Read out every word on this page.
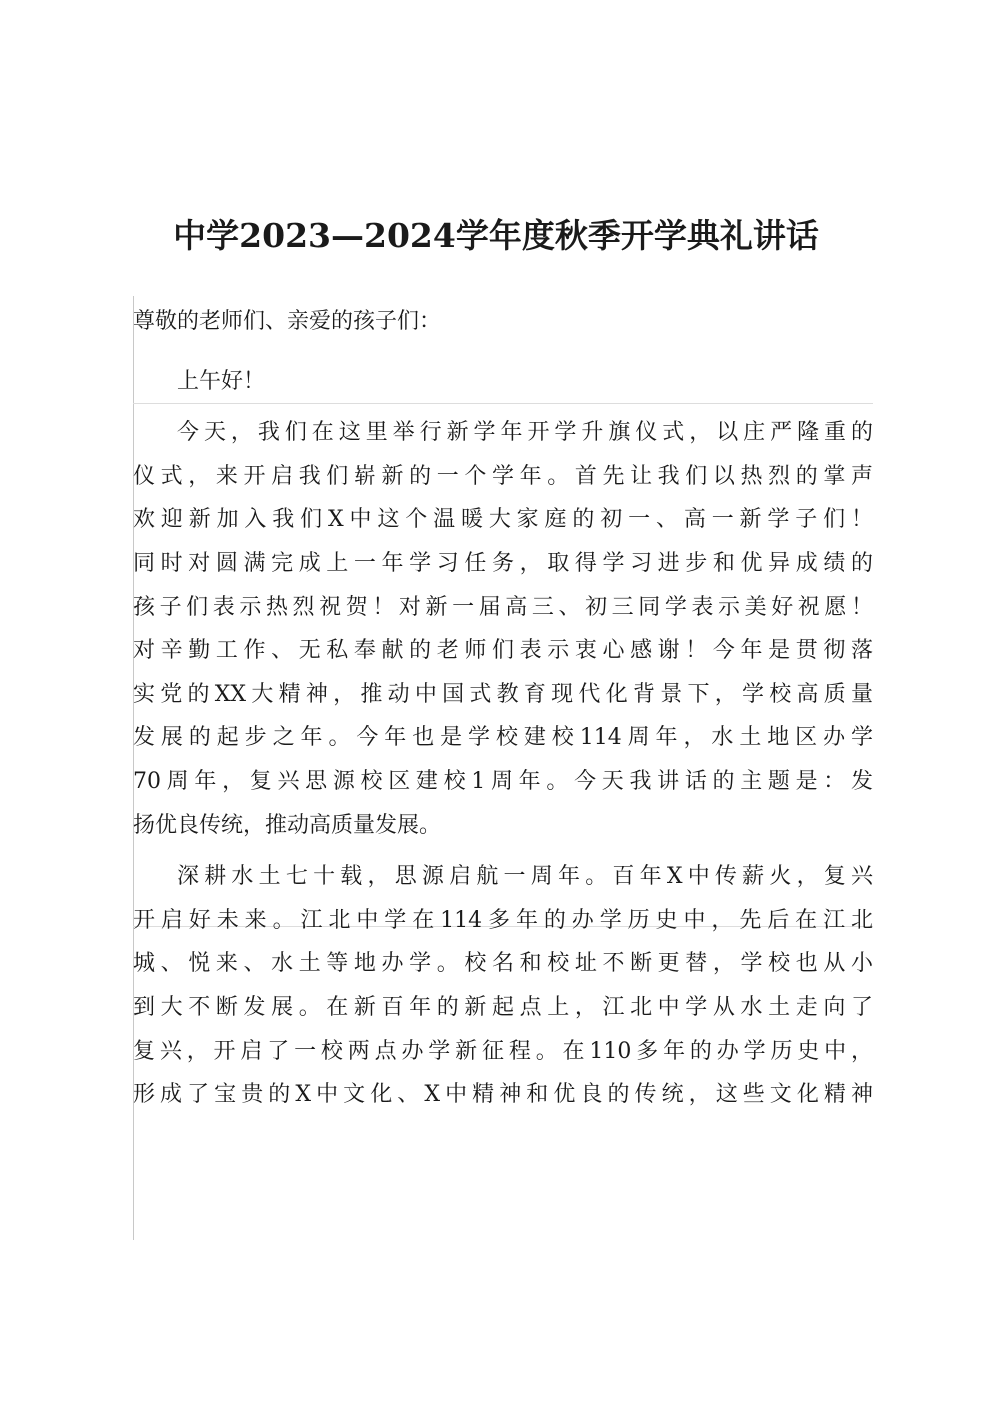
中学2023—2024学年度秋季开学典礼讲话
尊敬的老师们、亲爱的孩子们：
上午好！
今天，我们在这里举行新学年开学升旗仪式，以庄严隆重的
仪式，来开启我们崭新的一个学年。首先让我们以热烈的掌声
欢迎新加入我们X中这个温暖大家庭的初一、高一新学子们！
同时对圆满完成上一年学习任务，取得学习进步和优异成绩的
孩子们表示热烈祝贺！对新一届高三、初三同学表示美好祝愿！
对辛勤工作、无私奉献的老师们表示衷心感谢！今年是贯彻落
实党的XX大精神，推动中国式教育现代化背景下，学校高质量
发展的起步之年。今年也是学校建校114周年，水土地区办学
70周年，复兴思源校区建校1周年。今天我讲话的主题是：发
扬优良传统，推动高质量发展。
深耕水土七十载，思源启航一周年。百年X中传薪火，复兴
开启好未来。江北中学在114多年的办学历史中，先后在江北
城、悦来、水土等地办学。校名和校址不断更替，学校也从小
到大不断发展。在新百年的新起点上，江北中学从水土走向了
复兴，开启了一校两点办学新征程。在110多年的办学历史中，
形成了宝贵的X中文化、X中精神和优良的传统，这些文化精神
